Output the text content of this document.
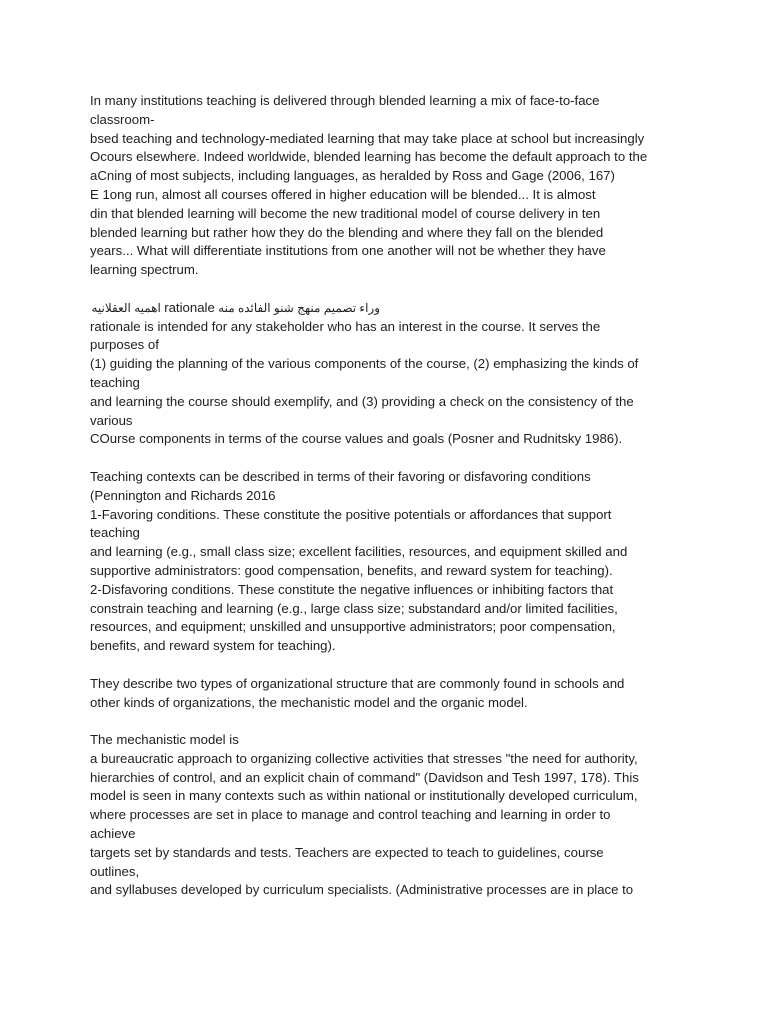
In many institutions teaching is delivered through blended learning a mix of face-to-face
classroom-
bsed teaching and technology-mediated learning that may take place at school but increasingly
Ocours elsewhere. Indeed worldwide, blended learning has become the default approach to the
aCning of most subjects, including languages, as heralded by Ross and Gage (2006, 167)
E 1ong run, almost all courses offered in higher education will be blended... It is almost
din that blended learning will become the new traditional model of course delivery in ten
blended learning but rather how they do the blending and where they fall on the blended
years... What will differentiate institutions from one another will not be whether they have
learning spectrum.
وراء تصميم منهج شنو الفائده منه rationale اهميه العقلانيه
rationale is intended for any stakeholder who has an interest in the course. It serves the
purposes of
(1) guiding the planning of the various components of the course, (2) emphasizing the kinds of
teaching
and learning the course should exemplify, and (3) providing a check on the consistency of the
various
COurse components in terms of the course values and goals (Posner and Rudnitsky 1986).
Teaching contexts can be described in terms of their favoring or disfavoring conditions
(Pennington and Richards 2016
1-Favoring conditions. These constitute the positive potentials or affordances that support
teaching
and learning (e.g., small class size; excellent facilities, resources, and equipment skilled and
supportive administrators: good compensation, benefits, and reward system for teaching).
2-Disfavoring conditions. These constitute the negative influences or inhibiting factors that
constrain teaching and learning (e.g., large class size; substandard and/or limited facilities,
resources, and equipment; unskilled and unsupportive administrators; poor compensation,
benefits, and reward system for teaching).
They describe two types of organizational structure that are commonly found in schools and
other kinds of organizations, the mechanistic model and the organic model.
The mechanistic model is
a bureaucratic approach to organizing collective activities that stresses "the need for authority,
hierarchies of control, and an explicit chain of command" (Davidson and Tesh 1997, 178). This
model is seen in many contexts such as within national or institutionally developed curriculum,
where processes are set in place to manage and control teaching and learning in order to
achieve
targets set by standards and tests. Teachers are expected to teach to guidelines, course
outlines,
and syllabuses developed by curriculum specialists. (Administrative processes are in place to
